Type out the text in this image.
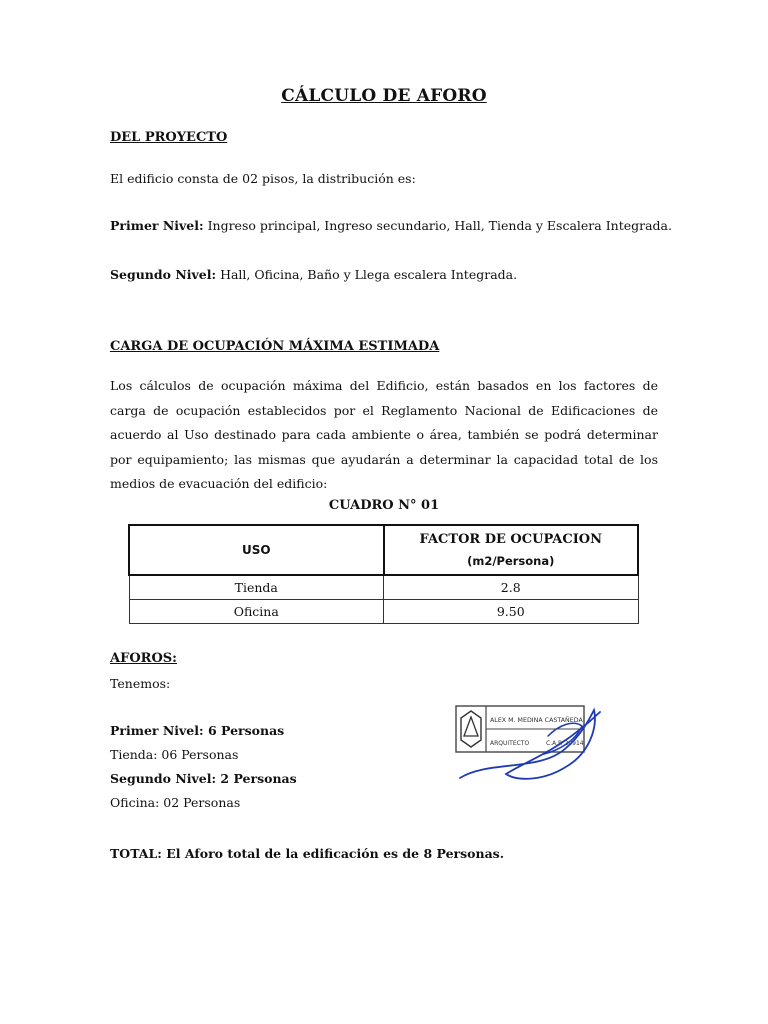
CÁLCULO DE AFORO
DEL PROYECTO
El edificio consta de 02 pisos, la distribución es:
Primer Nivel: Ingreso principal, Ingreso secundario, Hall, Tienda y Escalera Integrada.
Segundo Nivel: Hall, Oficina, Baño y Llega escalera Integrada.
CARGA DE OCUPACIÓN MÁXIMA ESTIMADA
Los cálculos de ocupación máxima del Edificio, están basados en los factores de carga de ocupación establecidos por el Reglamento Nacional de Edificaciones de acuerdo al Uso destinado para cada ambiente o área, también se podrá determinar por equipamiento; las mismas que ayudarán a determinar la capacidad total de los medios de evacuación del edificio:
CUADRO N° 01
USO	FACTOR DE OCUPACION
(m2/Persona)

Tienda	2.8
Oficina	9.50
AFOROS:
Tenemos:
Primer Nivel: 6 Personas
Tienda: 06 Personas
Segundo Nivel: 2 Personas
Oficina: 02 Personas
TOTAL: El Aforo total de la edificación es de 8 Personas.
ALEX M. MEDINA CASTAÑEDA
ARQUITECTO	C.A.P. 20914
